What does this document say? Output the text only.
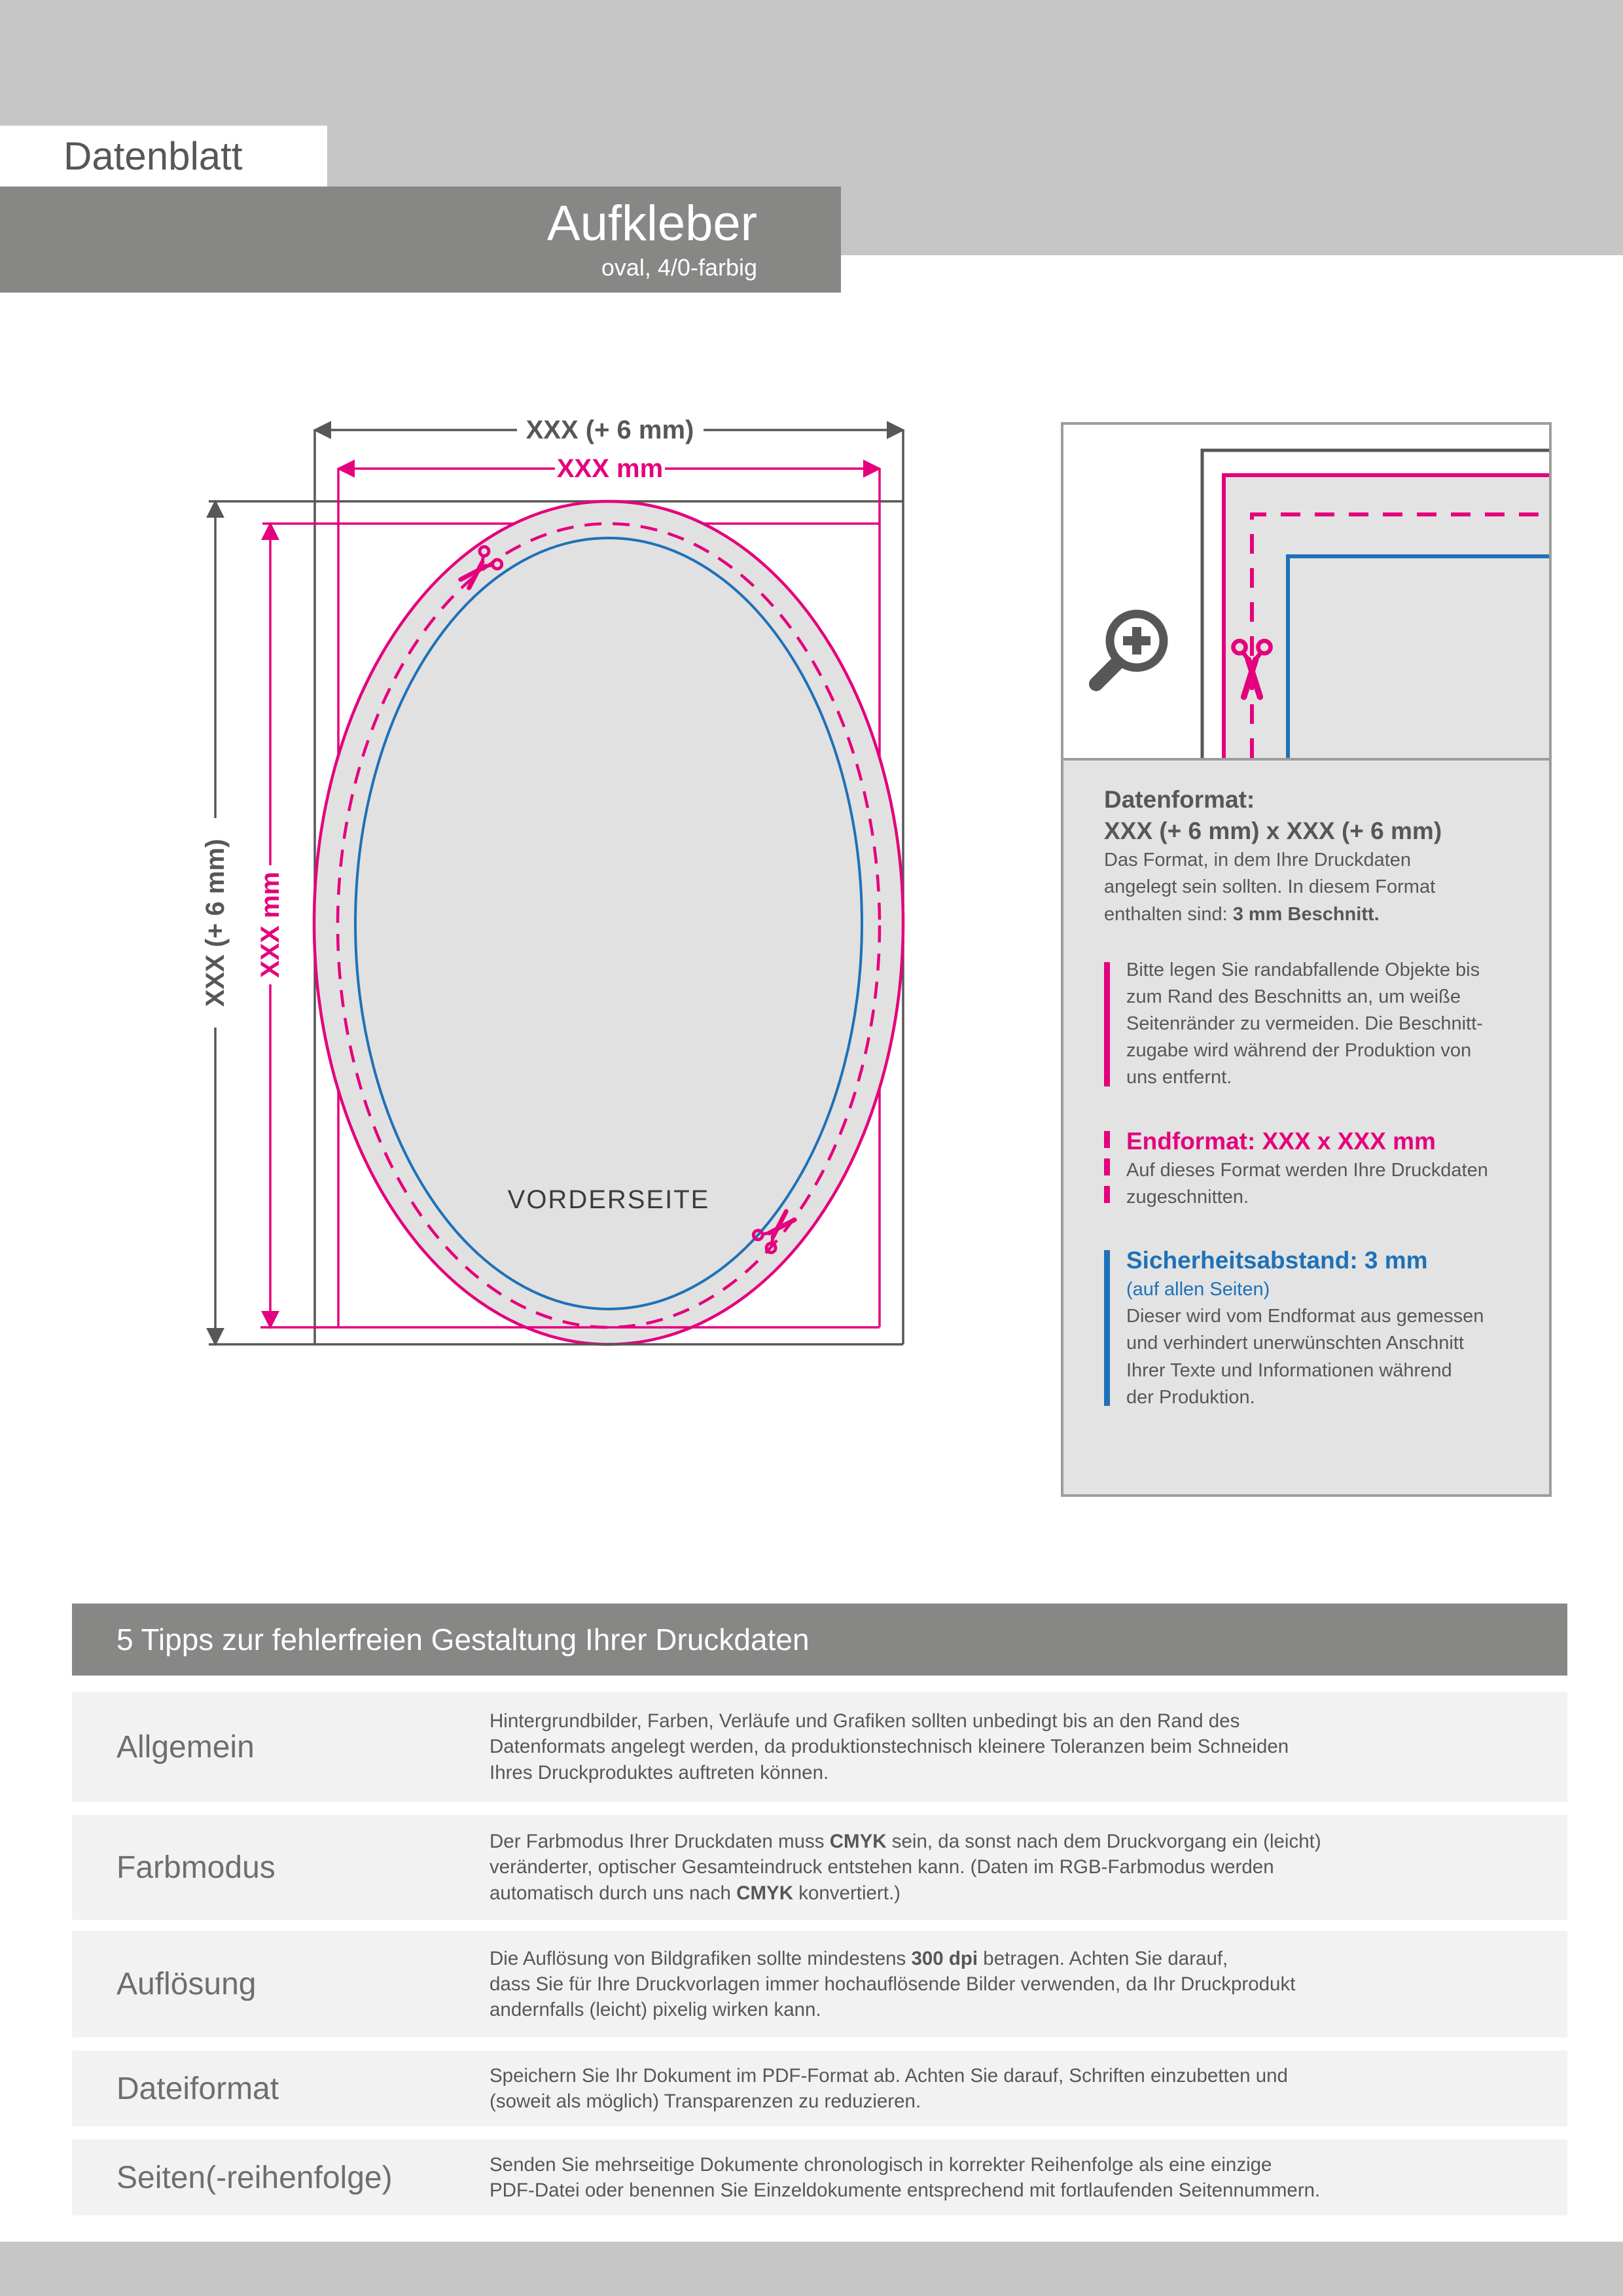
Aufkleber
oval, 4/0-farbig
Datenblatt
XXX (+ 6 mm)
XXX mm
XXX (+ 6 mm) XXX mm
VORDERSEITE
Datenformat:
XXX (+ 6 mm) x XXX (+ 6 mm)
Das Format, in dem Ihre Druckdaten
angelegt sein sollten. In diesem Format
enthalten sind: 3 mm Beschnitt.
Bitte legen Sie randabfallende Objekte bis
zum Rand des Beschnitts an, um weiße
Seitenränder zu vermeiden. Die Beschnitt-
zugabe wird während der Produktion von
uns entfernt.
Endformat: XXX x XXX mm
Auf dieses Format werden Ihre Druckdaten
zugeschnitten.
Sicherheitsabstand: 3 mm
(auf allen Seiten)
Dieser wird vom Endformat aus gemessen
und verhindert unerwünschten Anschnitt
Ihrer Texte und Informationen während
der Produktion.
5 Tipps zur fehlerfreien Gestaltung Ihrer Druckdaten
Allgemein
Hintergrundbilder, Farben, Verläufe und Grafiken sollten unbedingt bis an den Rand des
Datenformats angelegt werden, da produktionstechnisch kleinere Toleranzen beim Schneiden
Ihres Druckproduktes auftreten können.
Farbmodus
Der Farbmodus Ihrer Druckdaten muss CMYK sein, da sonst nach dem Druckvorgang ein (leicht)
veränderter, optischer Gesamteindruck entstehen kann. (Daten im RGB-Farbmodus werden
automatisch durch uns nach CMYK konvertiert.)
Auflösung
Die Auflösung von Bildgrafiken sollte mindestens 300 dpi betragen. Achten Sie darauf,
dass Sie für Ihre Druckvorlagen immer hochauflösende Bilder verwenden, da Ihr Druckprodukt
andernfalls (leicht) pixelig wirken kann.
Dateiformat	Speichern Sie Ihr Dokument im PDF-Format ab. Achten Sie darauf, Schriften einzubetten und
(soweit als möglich) Transparenzen zu reduzieren.
Seiten(-reihenfolge)	Senden Sie mehrseitige Dokumente chronologisch in korrekter Reihenfolge als eine einzige
PDF-Datei oder benennen Sie Einzeldokumente entsprechend mit fortlaufenden Seitennummern.
